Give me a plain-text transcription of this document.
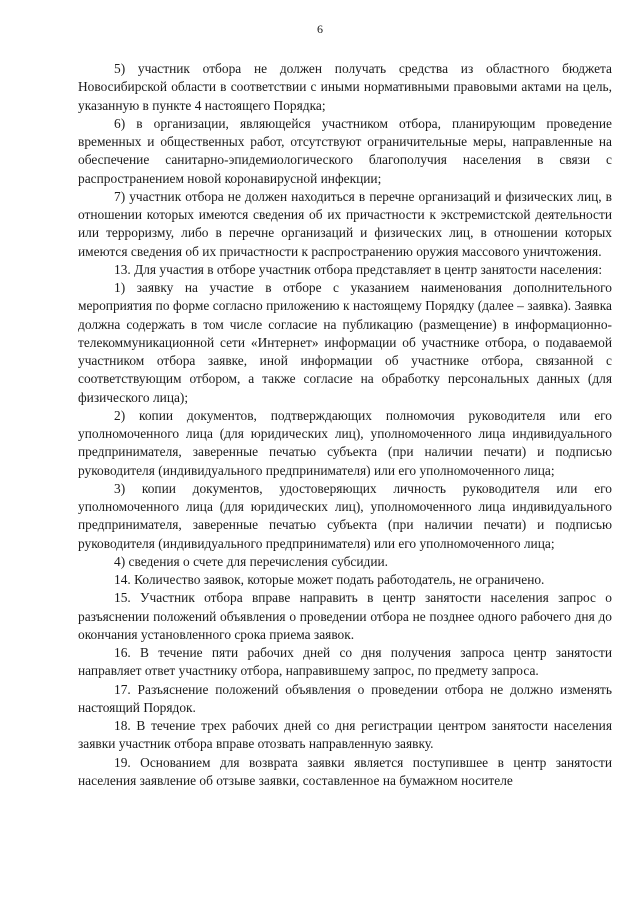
6

5) участник отбора не должен получать средства из областного бюджета Новосибирской области в соответствии с иными нормативными правовыми актами на цель, указанную в пункте 4 настоящего Порядка;

6) в организации, являющейся участником отбора, планирующим проведение временных и общественных работ, отсутствуют ограничительные меры, направленные на обеспечение санитарно-эпидемиологического благополучия населения в связи с распространением новой коронавирусной инфекции;

7) участник отбора не должен находиться в перечне организаций и физических лиц, в отношении которых имеются сведения об их причастности к экстремистской деятельности или терроризму, либо в перечне организаций и физических лиц, в отношении которых имеются сведения об их причастности к распространению оружия массового уничтожения.

13. Для участия в отборе участник отбора представляет в центр занятости населения:

1) заявку на участие в отборе с указанием наименования дополнительного мероприятия по форме согласно приложению к настоящему Порядку (далее – заявка). Заявка должна содержать в том числе согласие на публикацию (размещение) в информационно-телекоммуникационной сети «Интернет» информации об участнике отбора, о подаваемой участником отбора заявке, иной информации об участнике отбора, связанной с соответствующим отбором, а также согласие на обработку персональных данных (для физического лица);

2) копии документов, подтверждающих полномочия руководителя или его уполномоченного лица (для юридических лиц), уполномоченного лица индивидуального предпринимателя, заверенные печатью субъекта (при наличии печати) и подписью руководителя (индивидуального предпринимателя) или его уполномоченного лица;

3) копии документов, удостоверяющих личность руководителя или его уполномоченного лица (для юридических лиц), уполномоченного лица индивидуального предпринимателя, заверенные печатью субъекта (при наличии печати) и подписью руководителя (индивидуального предпринимателя) или его уполномоченного лица;

4) сведения о счете для перечисления субсидии.

14. Количество заявок, которые может подать работодатель, не ограничено.

15. Участник отбора вправе направить в центр занятости населения запрос о разъяснении положений объявления о проведении отбора не позднее одного рабочего дня до окончания установленного срока приема заявок.

16. В течение пяти рабочих дней со дня получения запроса центр занятости направляет ответ участнику отбора, направившему запрос, по предмету запроса.

17. Разъяснение положений объявления о проведении отбора не должно изменять настоящий Порядок.

18. В течение трех рабочих дней со дня регистрации центром занятости населения заявки участник отбора вправе отозвать направленную заявку.

19. Основанием для возврата заявки является поступившее в центр занятости населения заявление об отзыве заявки, составленное на бумажном носителе
